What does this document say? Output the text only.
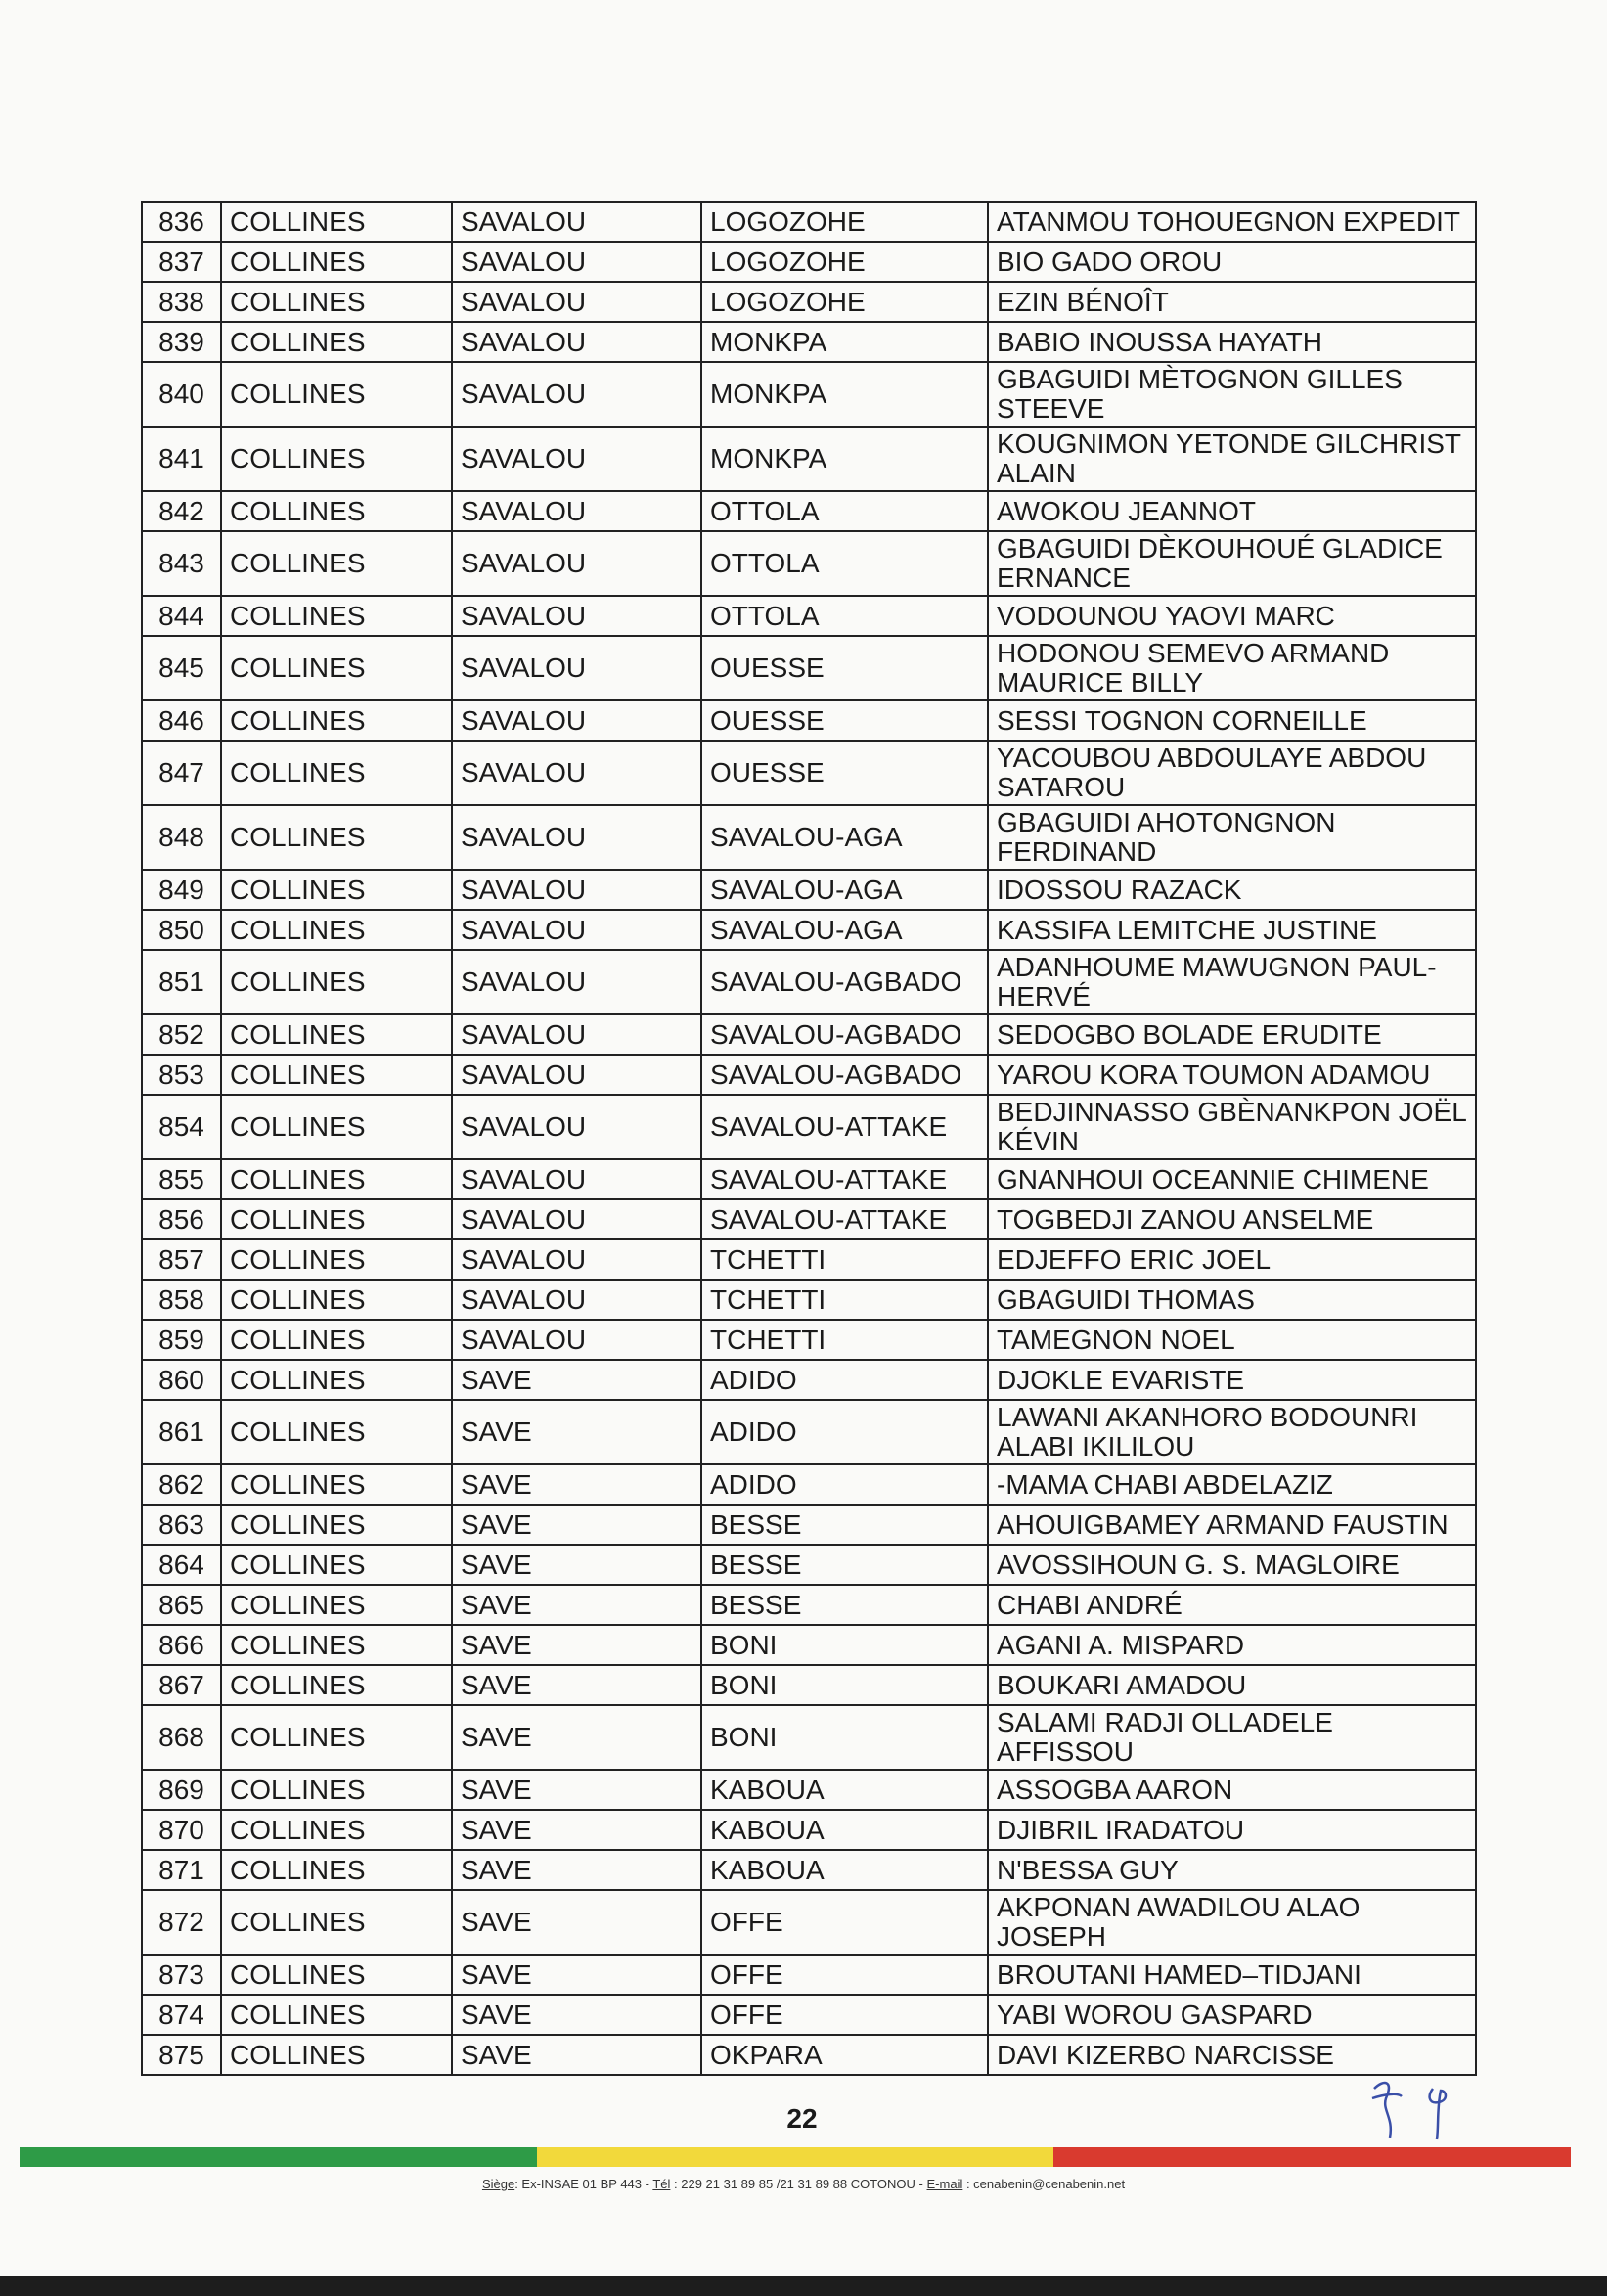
836	COLLINES	SAVALOU	LOGOZOHE	ATANMOU TOHOUEGNON EXPEDIT
837	COLLINES	SAVALOU	LOGOZOHE	BIO GADO OROU
838	COLLINES	SAVALOU	LOGOZOHE	EZIN BÉNOÎT
839	COLLINES	SAVALOU	MONKPA	BABIO INOUSSA HAYATH
840	COLLINES	SAVALOU	MONKPA	GBAGUIDI MÈTOGNON GILLES STEEVE
841	COLLINES	SAVALOU	MONKPA	KOUGNIMON YETONDE GILCHRIST ALAIN
842	COLLINES	SAVALOU	OTTOLA	AWOKOU JEANNOT
843	COLLINES	SAVALOU	OTTOLA	GBAGUIDI DÈKOUHOUÉ GLADICE ERNANCE
844	COLLINES	SAVALOU	OTTOLA	VODOUNOU YAOVI MARC
845	COLLINES	SAVALOU	OUESSE	HODONOU SEMEVO ARMAND MAURICE BILLY
846	COLLINES	SAVALOU	OUESSE	SESSI TOGNON CORNEILLE
847	COLLINES	SAVALOU	OUESSE	YACOUBOU ABDOULAYE ABDOU SATAROU
848	COLLINES	SAVALOU	SAVALOU-AGA	GBAGUIDI AHOTONGNON FERDINAND
849	COLLINES	SAVALOU	SAVALOU-AGA	IDOSSOU RAZACK
850	COLLINES	SAVALOU	SAVALOU-AGA	KASSIFA LEMITCHE JUSTINE
851	COLLINES	SAVALOU	SAVALOU-AGBADO	ADANHOUME MAWUGNON PAUL-HERVÉ
852	COLLINES	SAVALOU	SAVALOU-AGBADO	SEDOGBO BOLADE ERUDITE
853	COLLINES	SAVALOU	SAVALOU-AGBADO	YAROU KORA TOUMON ADAMOU
854	COLLINES	SAVALOU	SAVALOU-ATTAKE	BEDJINNASSO GBÈNANKPON JOËL KÉVIN
855	COLLINES	SAVALOU	SAVALOU-ATTAKE	GNANHOUI OCEANNIE CHIMENE
856	COLLINES	SAVALOU	SAVALOU-ATTAKE	TOGBEDJI ZANOU ANSELME
857	COLLINES	SAVALOU	TCHETTI	EDJEFFO ERIC JOEL
858	COLLINES	SAVALOU	TCHETTI	GBAGUIDI THOMAS
859	COLLINES	SAVALOU	TCHETTI	TAMEGNON NOEL
860	COLLINES	SAVE	ADIDO	DJOKLE EVARISTE
861	COLLINES	SAVE	ADIDO	LAWANI AKANHORO BODOUNRI ALABI IKILILOU
862	COLLINES	SAVE	ADIDO	-MAMA CHABI ABDELAZIZ
863	COLLINES	SAVE	BESSE	AHOUIGBAMEY ARMAND FAUSTIN
864	COLLINES	SAVE	BESSE	AVOSSIHOUN G. S. MAGLOIRE
865	COLLINES	SAVE	BESSE	CHABI ANDRÉ
866	COLLINES	SAVE	BONI	AGANI A. MISPARD
867	COLLINES	SAVE	BONI	BOUKARI AMADOU
868	COLLINES	SAVE	BONI	SALAMI RADJI OLLADELE AFFISSOU
869	COLLINES	SAVE	KABOUA	ASSOGBA AARON
870	COLLINES	SAVE	KABOUA	DJIBRIL IRADATOU
871	COLLINES	SAVE	KABOUA	N'BESSA GUY
872	COLLINES	SAVE	OFFE	AKPONAN AWADILOU ALAO JOSEPH
873	COLLINES	SAVE	OFFE	BROUTANI HAMED–TIDJANI
874	COLLINES	SAVE	OFFE	YABI WOROU GASPARD
875	COLLINES	SAVE	OKPARA	DAVI KIZERBO NARCISSE
22
Siège: Ex-INSAE 01 BP 443 - Tél : 229 21 31 89 85 /21 31 89 88 COTONOU - E-mail : cenabenin@cenabenin.net
